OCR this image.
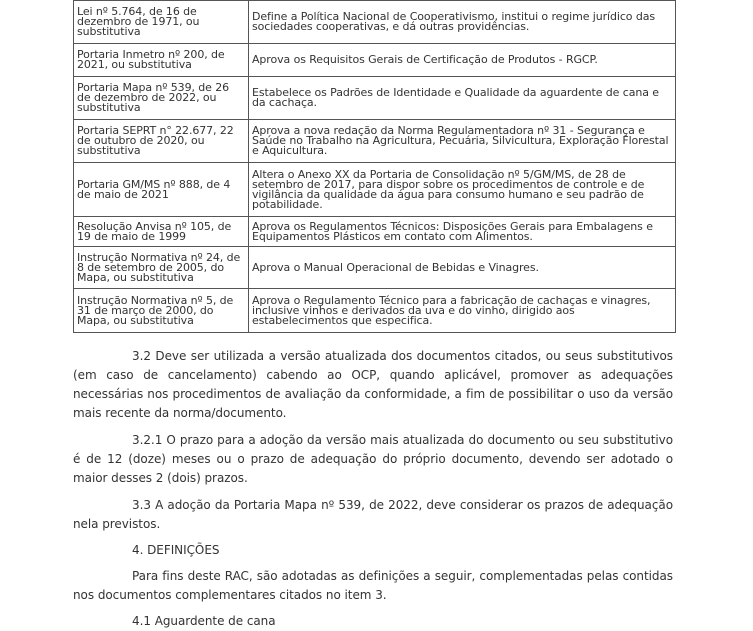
Lei nº 5.764, de 16 de dezembro de 1971, ou substitutiva	Define a Política Nacional de Cooperativismo, institui o regime jurídico das sociedades cooperativas, e dá outras providências.
Portaria Inmetro nº 200, de 2021, ou substitutiva	Aprova os Requisitos Gerais de Certificação de Produtos - RGCP.
Portaria Mapa nº 539, de 26 de dezembro de 2022, ou substitutiva	Estabelece os Padrões de Identidade e Qualidade da aguardente de cana e da cachaça.
Portaria SEPRT n° 22.677, 22 de outubro de 2020, ou substitutiva	Aprova a nova redação da Norma Regulamentadora nº 31 - Segurança e Saúde no Trabalho na Agricultura, Pecuária, Silvicultura, Exploração Florestal e Aquicultura.
Portaria GM/MS nº 888, de 4 de maio de 2021	Altera o Anexo XX da Portaria de Consolidação nº 5/GM/MS, de 28 de setembro de 2017, para dispor sobre os procedimentos de controle e de vigilância da qualidade da água para consumo humano e seu padrão de potabilidade.
Resolução Anvisa nº 105, de 19 de maio de 1999	Aprova os Regulamentos Técnicos: Disposições Gerais para Embalagens e Equipamentos Plásticos em contato com Alimentos.
Instrução Normativa nº 24, de 8 de setembro de 2005, do Mapa, ou substitutiva	Aprova o Manual Operacional de Bebidas e Vinagres.
Instrução Normativa nº 5, de 31 de março de 2000, do Mapa, ou substitutiva	Aprova o Regulamento Técnico para a fabricação de cachaças e vinagres, inclusive vinhos e derivados da uva e do vinho, dirigido aos estabelecimentos que especifica.

3.2 Deve ser utilizada a versão atualizada dos documentos citados, ou seus substitutivos (em caso de cancelamento) cabendo ao OCP, quando aplicável, promover as adequações necessárias nos procedimentos de avaliação da conformidade, a fim de possibilitar o uso da versão mais recente da norma/documento.

3.2.1 O prazo para a adoção da versão mais atualizada do documento ou seu substitutivo é de 12 (doze) meses ou o prazo de adequação do próprio documento, devendo ser adotado o maior desses 2 (dois) prazos.

3.3 A adoção da Portaria Mapa nº 539, de 2022, deve considerar os prazos de adequação nela previstos.

4. DEFINIÇÕES

Para fins deste RAC, são adotadas as definições a seguir, complementadas pelas contidas nos documentos complementares citados no item 3.

4.1 Aguardente de cana
